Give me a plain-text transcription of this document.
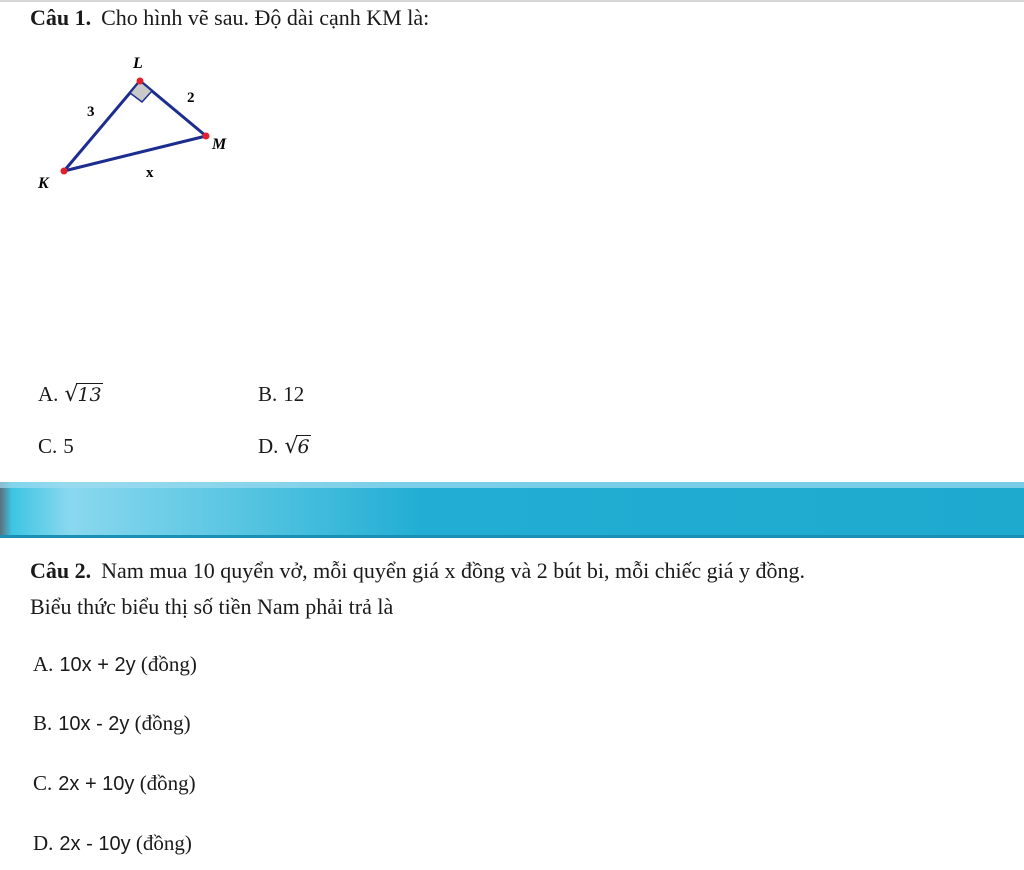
Câu 1. Cho hình vẽ sau. Độ dài cạnh KM là:
L
K
M
3
2
x
A. √13	B. 12
C. 5	D. √6
Câu 2. Nam mua 10 quyển vở, mỗi quyển giá x đồng và 2 bút bi, mỗi chiếc giá y đồng.
Biểu thức biểu thị số tiền Nam phải trả là
A. 10x + 2y (đồng)
B. 10x - 2y (đồng)
C. 2x + 10y (đồng)
D. 2x - 10y (đồng)
